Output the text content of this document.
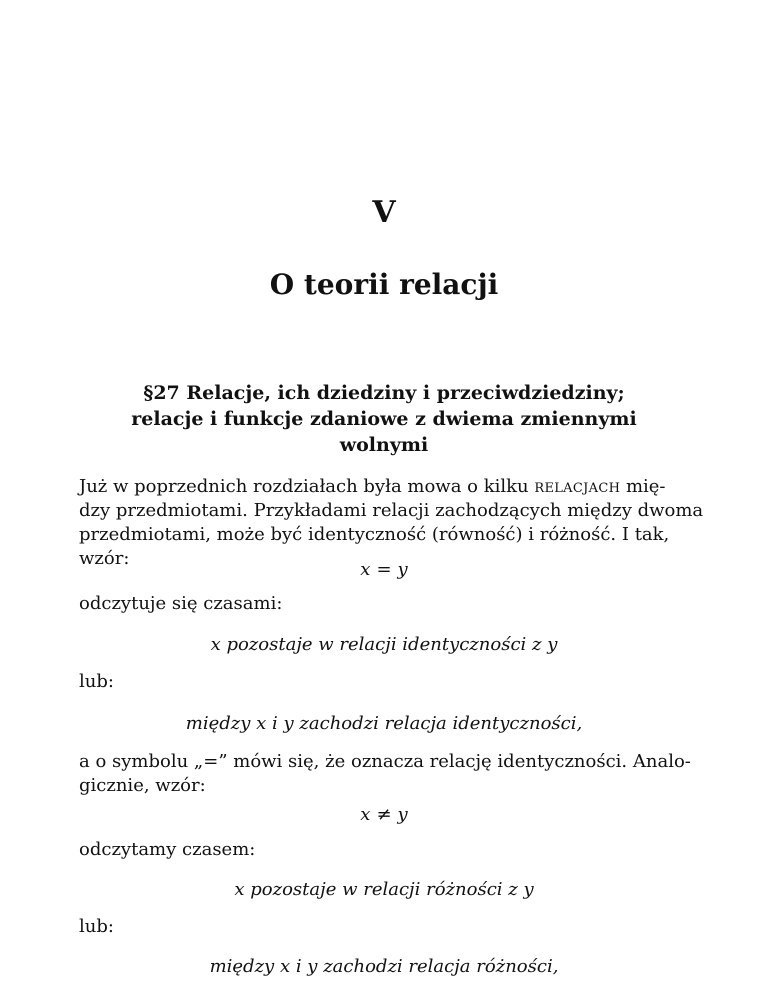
V
O teorii relacji
§27 Relacje, ich dziedziny i przeciwdziedziny;
relacje i funkcje zdaniowe z dwiema zmiennymi
wolnymi
Już w poprzednich rozdziałach była mowa o kilku relacjach mię-
dzy przedmiotami. Przykładami relacji zachodzących między dwoma
przedmiotami, może być identyczność (równość) i różność. I tak,
wzór:
x = y
odczytuje się czasami:
x pozostaje w relacji identyczności z y
lub:
między x i y zachodzi relacja identyczności,
a o symbolu „=” mówi się, że oznacza relację identyczności. Analo-
gicznie, wzór:
x ≠ y
odczytamy czasem:
x pozostaje w relacji różności z y
lub:
między x i y zachodzi relacja różności,
